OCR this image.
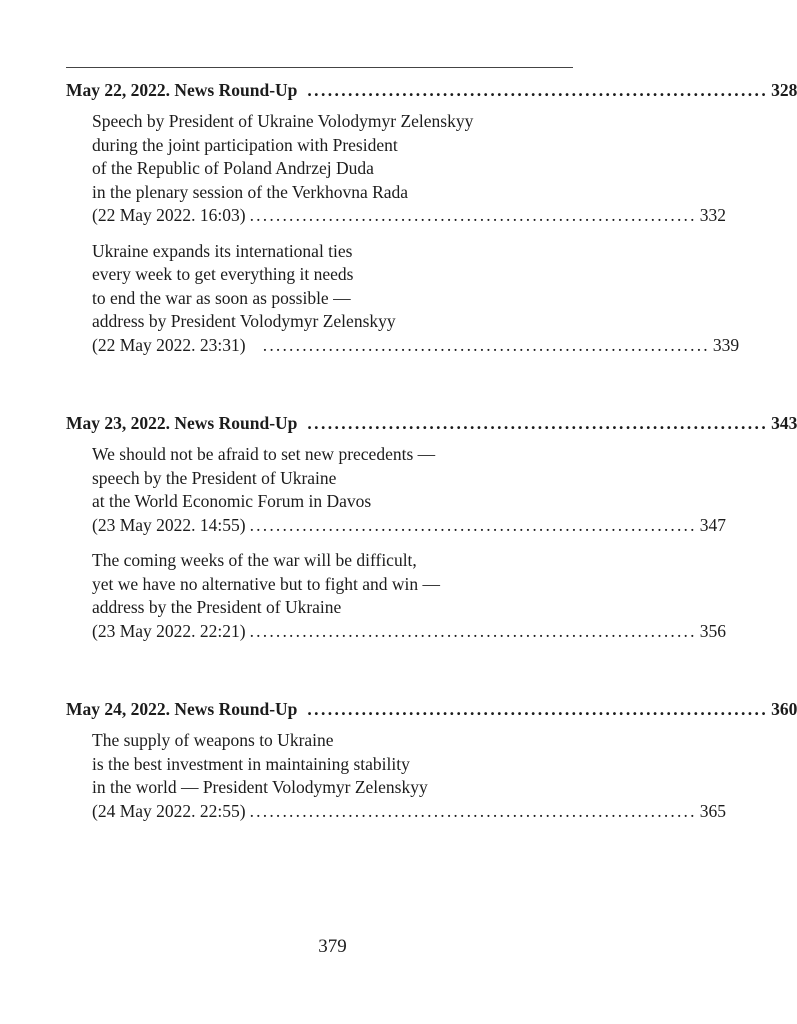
May 22, 2022. News Round-Up .................................................................... 328
Speech by President of Ukraine Volodymyr Zelenskyy
during the joint participation with President
of the Republic of Poland Andrzej Duda
in the plenary session of the Verkhovna Rada
(22 May 2022. 16:03) .................................................................... 332
Ukraine expands its international ties
every week to get everything it needs
to end the war as soon as possible —
address by President Volodymyr Zelenskyy
(22 May 2022. 23:31) .................................................................... 339
May 23, 2022. News Round-Up .................................................................... 343
We should not be afraid to set new precedents —
speech by the President of Ukraine
at the World Economic Forum in Davos
(23 May 2022. 14:55) .................................................................... 347
The coming weeks of the war will be difficult,
yet we have no alternative but to fight and win —
address by the President of Ukraine
(23 May 2022. 22:21) .................................................................... 356
May 24, 2022. News Round-Up .................................................................... 360
The supply of weapons to Ukraine
is the best investment in maintaining stability
in the world — President Volodymyr Zelenskyy
(24 May 2022. 22:55) .................................................................... 365
379
